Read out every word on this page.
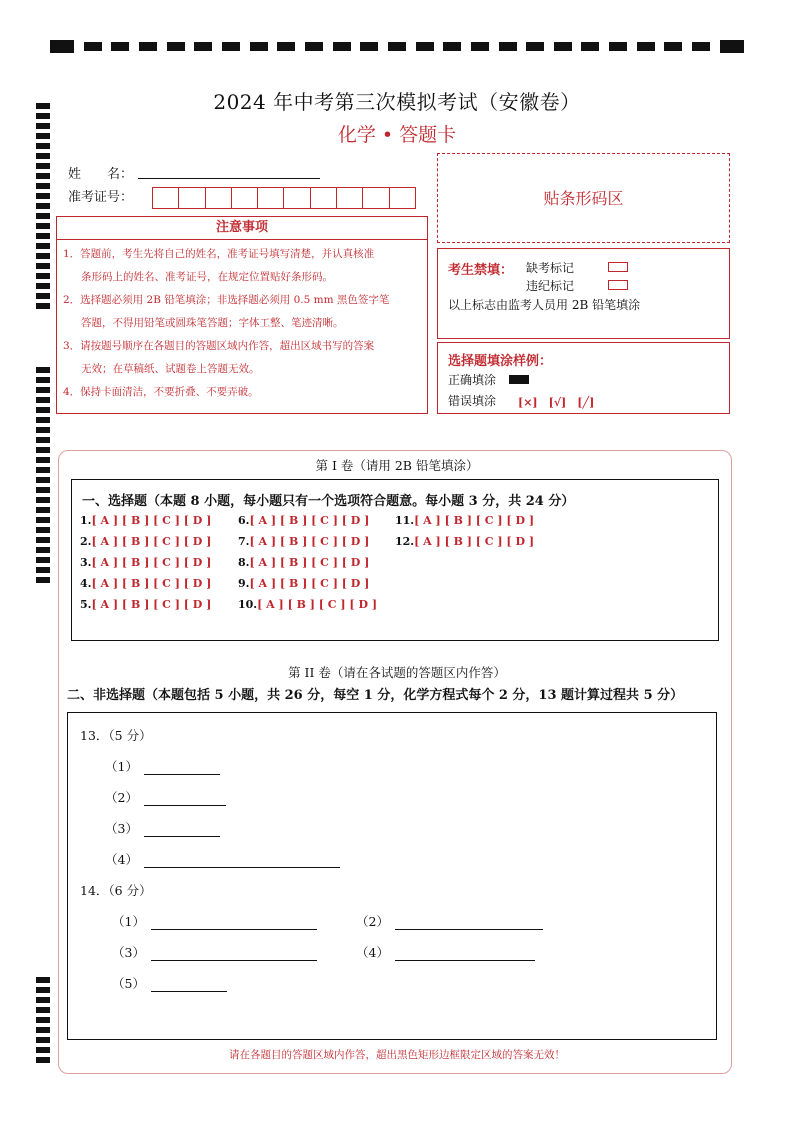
2024 年中考第三次模拟考试（安徽卷）
化学 • 答题卡
姓　　名：
准考证号：	贴条形码区
注意事项

1．答题前，考生先将自己的姓名，准考证号填写清楚，并认真核准

条形码上的姓名、准考证号，在规定位置贴好条形码。

2．选择题必须用 2B 铅笔填涂；非选择题必须用 0.5 mm 黑色签字笔

答题，不得用铅笔或圆珠笔答题；字体工整、笔迹清晰。

3．请按题号顺序在各题目的答题区域内作答，超出区域书写的答案

无效；在草稿纸、试题卷上答题无效。

4．保持卡面清洁，不要折叠、不要弄破。

考生禁填： 缺考标记
违纪标记
以上标志由监考人员用 2B 铅笔填涂
选择题填涂样例：
正确填涂
错误填涂 [×]　[√]　[╱]
第 I 卷（请用 2B 铅笔填涂）
一、选择题（本题 8 小题，每小题只有一个选项符合题意。每小题 3 分，共 24 分）
1.[ A ] [ B ] [ C ] [ D ]
2.[ A ] [ B ] [ C ] [ D ]
3.[ A ] [ B ] [ C ] [ D ]
4.[ A ] [ B ] [ C ] [ D ]
5.[ A ] [ B ] [ C ] [ D ]
6.[ A ] [ B ] [ C ] [ D ]
7.[ A ] [ B ] [ C ] [ D ]
8.[ A ] [ B ] [ C ] [ D ]
9.[ A ] [ B ] [ C ] [ D ]
10.[ A ] [ B ] [ C ] [ D ]
11.[ A ] [ B ] [ C ] [ D ]
12.[ A ] [ B ] [ C ] [ D ]
第 II 卷（请在各试题的答题区内作答）
二、非选择题（本题包括 5 小题，共 26 分，每空 1 分，化学方程式每个 2 分，13 题计算过程共 5 分）
13．（5 分）
（1）
（2）
（3）
（4）
14．（6 分）
（1）	（2）
（3）	（4）
（5）
请在各题目的答题区域内作答，超出黑色矩形边框限定区域的答案无效！
